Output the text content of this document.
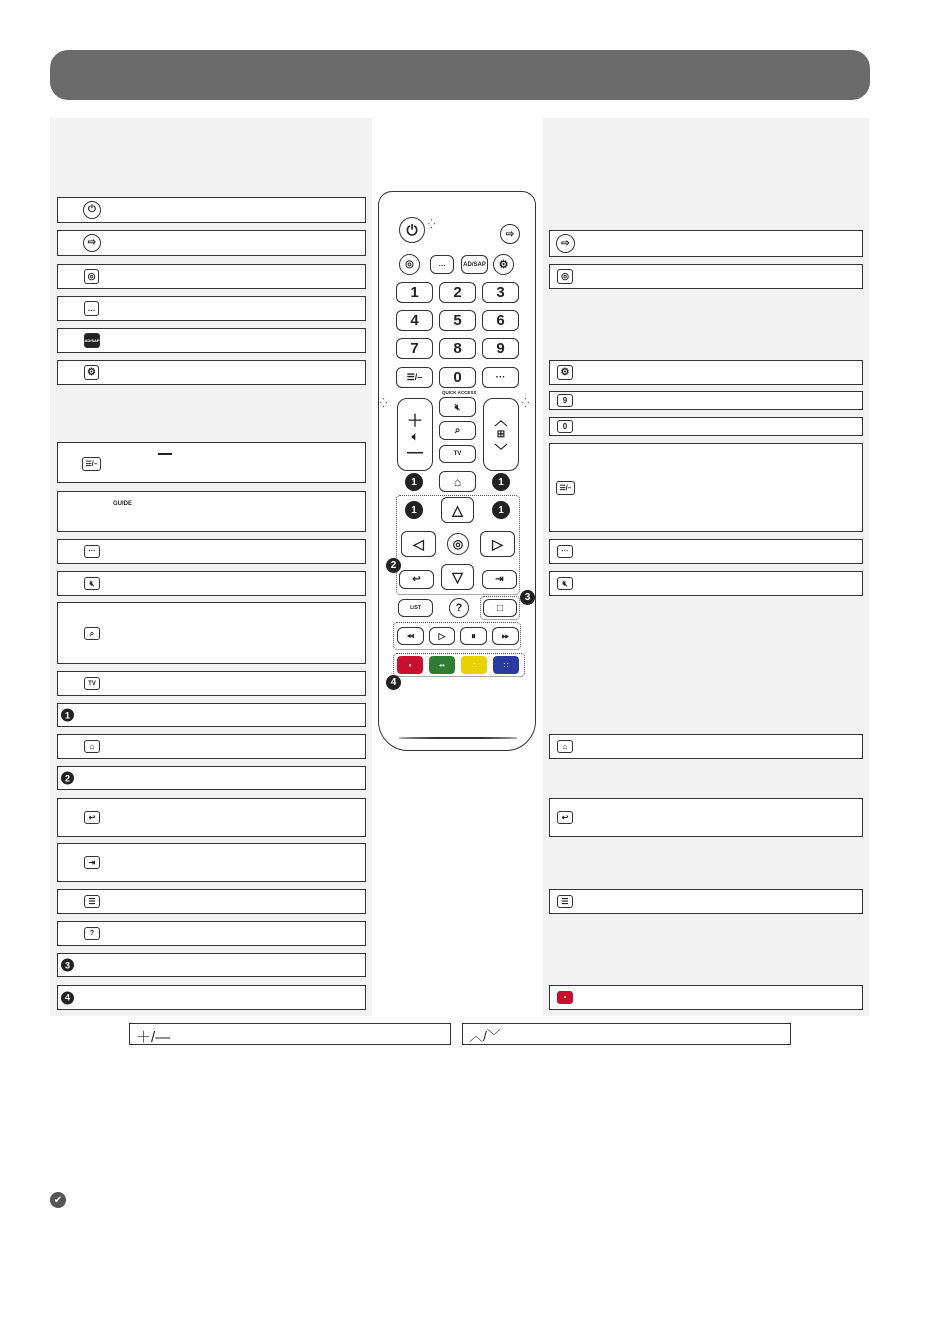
⏻
⇨
◎
…
AD/SAP
⚙
☰/–
GUIDE
···
🔇︎
⌕
TV
1
⌂
2
↩
⇥
☰
?
3
4
⇨
◎
⚙
9
0
☰/–
···
🔇︎
⌂
↩
☰
•
＋/―	︿/﹀
✔
⏻	⁛
⇨
◎	…	AD/SAP	⚙
1	2	3
4	5	6
7	8	9
☰/–	0	···
QUICK ACCESS
⁛
＋
🔈︎
―
🔇︎
⌕
TV
︿
⊞
﹀
⁛
1	⌂	1
1	△	1
◁	◎	▷
2
↩	▽	⇥
LIST	?	□
3
⏪︎	▷	⏸︎	⏩︎
•	••	∴	∷
4
